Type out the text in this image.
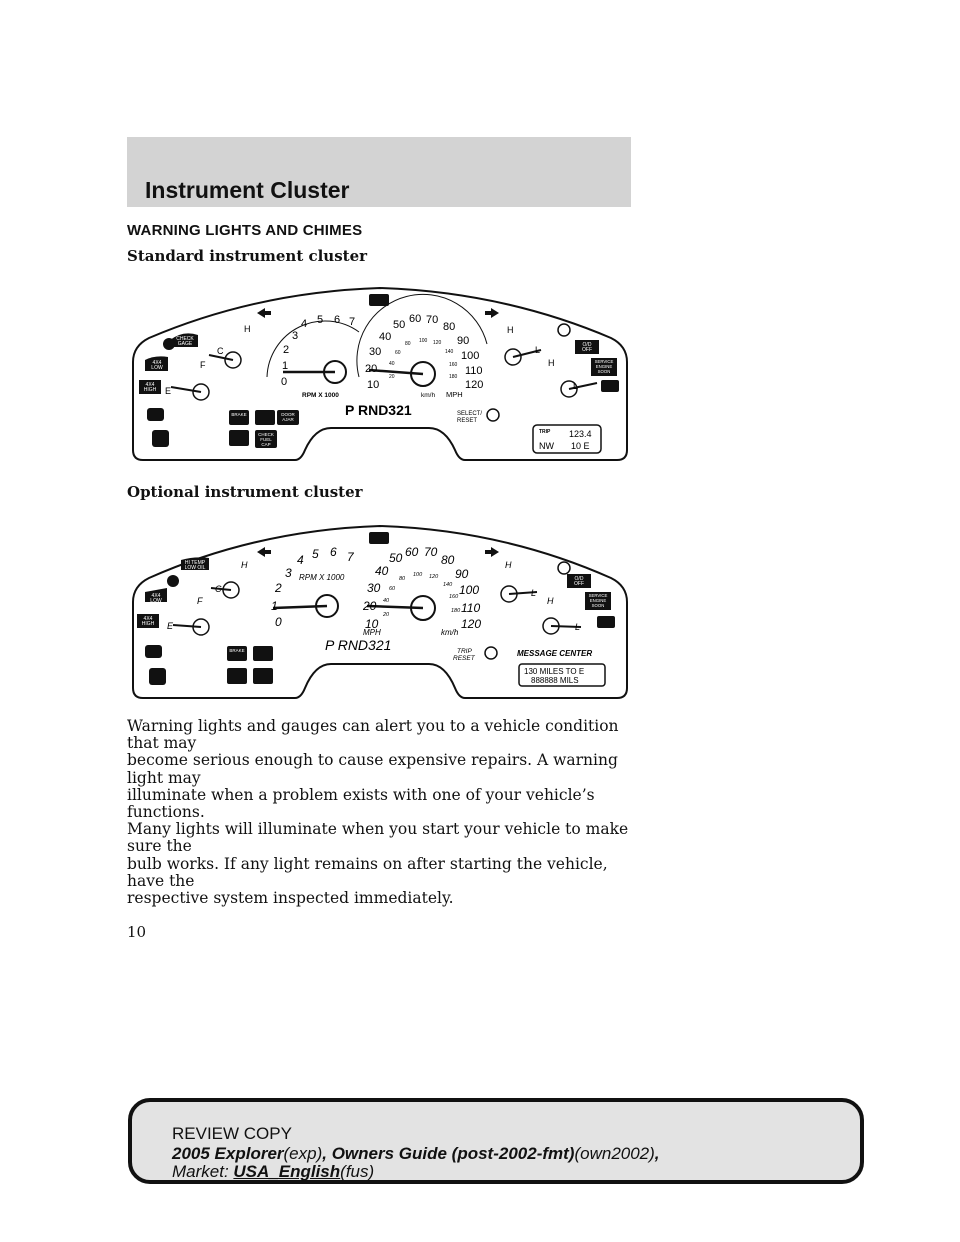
Instrument Cluster
WARNING LIGHTS AND CHIMES
Standard instrument cluster
CHECK
GAGE
4X4
LOW
4X4
HIGH
BRAKE	DOOR
AJAR
CHECK
FUEL
CAP
O/D
OFF
SERVICE
ENGINE
SOON
E
F
C
H
0
1
2
3
4 5 6 7
RPM X 1000
10
20
30
40
50 60 70
80
90
100
110
120
20
40
60
80 100 120
140
160
180
km/h MPH
H
L
H
L
P RND321	SELECT/
RESET
TRIP 123.4
NW 10 E
Optional instrument cluster
HI TEMP
LOW OIL
4X4
LOW
4X4
HIGH
BRAKE
O/D
OFF
SERVICE
ENGINE
SOON
E
F
C
H
0
1
2
3
4 5 6 7
RPM X 1000
10
20
30
40
50 60 70
80
90
100
110
120
20
40
60
80
100 120
140
160
180
MPH	km/h
H
L
H
L
P RND321	TRIP
RESET
MESSAGE CENTER
130 MILES TO E
888888 MILS

Warning lights and gauges can alert you to a vehicle condition that may

become serious enough to cause expensive repairs. A warning light may

illuminate when a problem exists with one of your vehicle’s functions.

Many lights will illuminate when you start your vehicle to make sure the

bulb works. If any light remains on after starting the vehicle, have the

respective system inspected immediately.

10
REVIEW COPY
2005 Explorer(exp), Owners Guide (post-2002-fmt)(own2002),
Market: USA_English(fus)
